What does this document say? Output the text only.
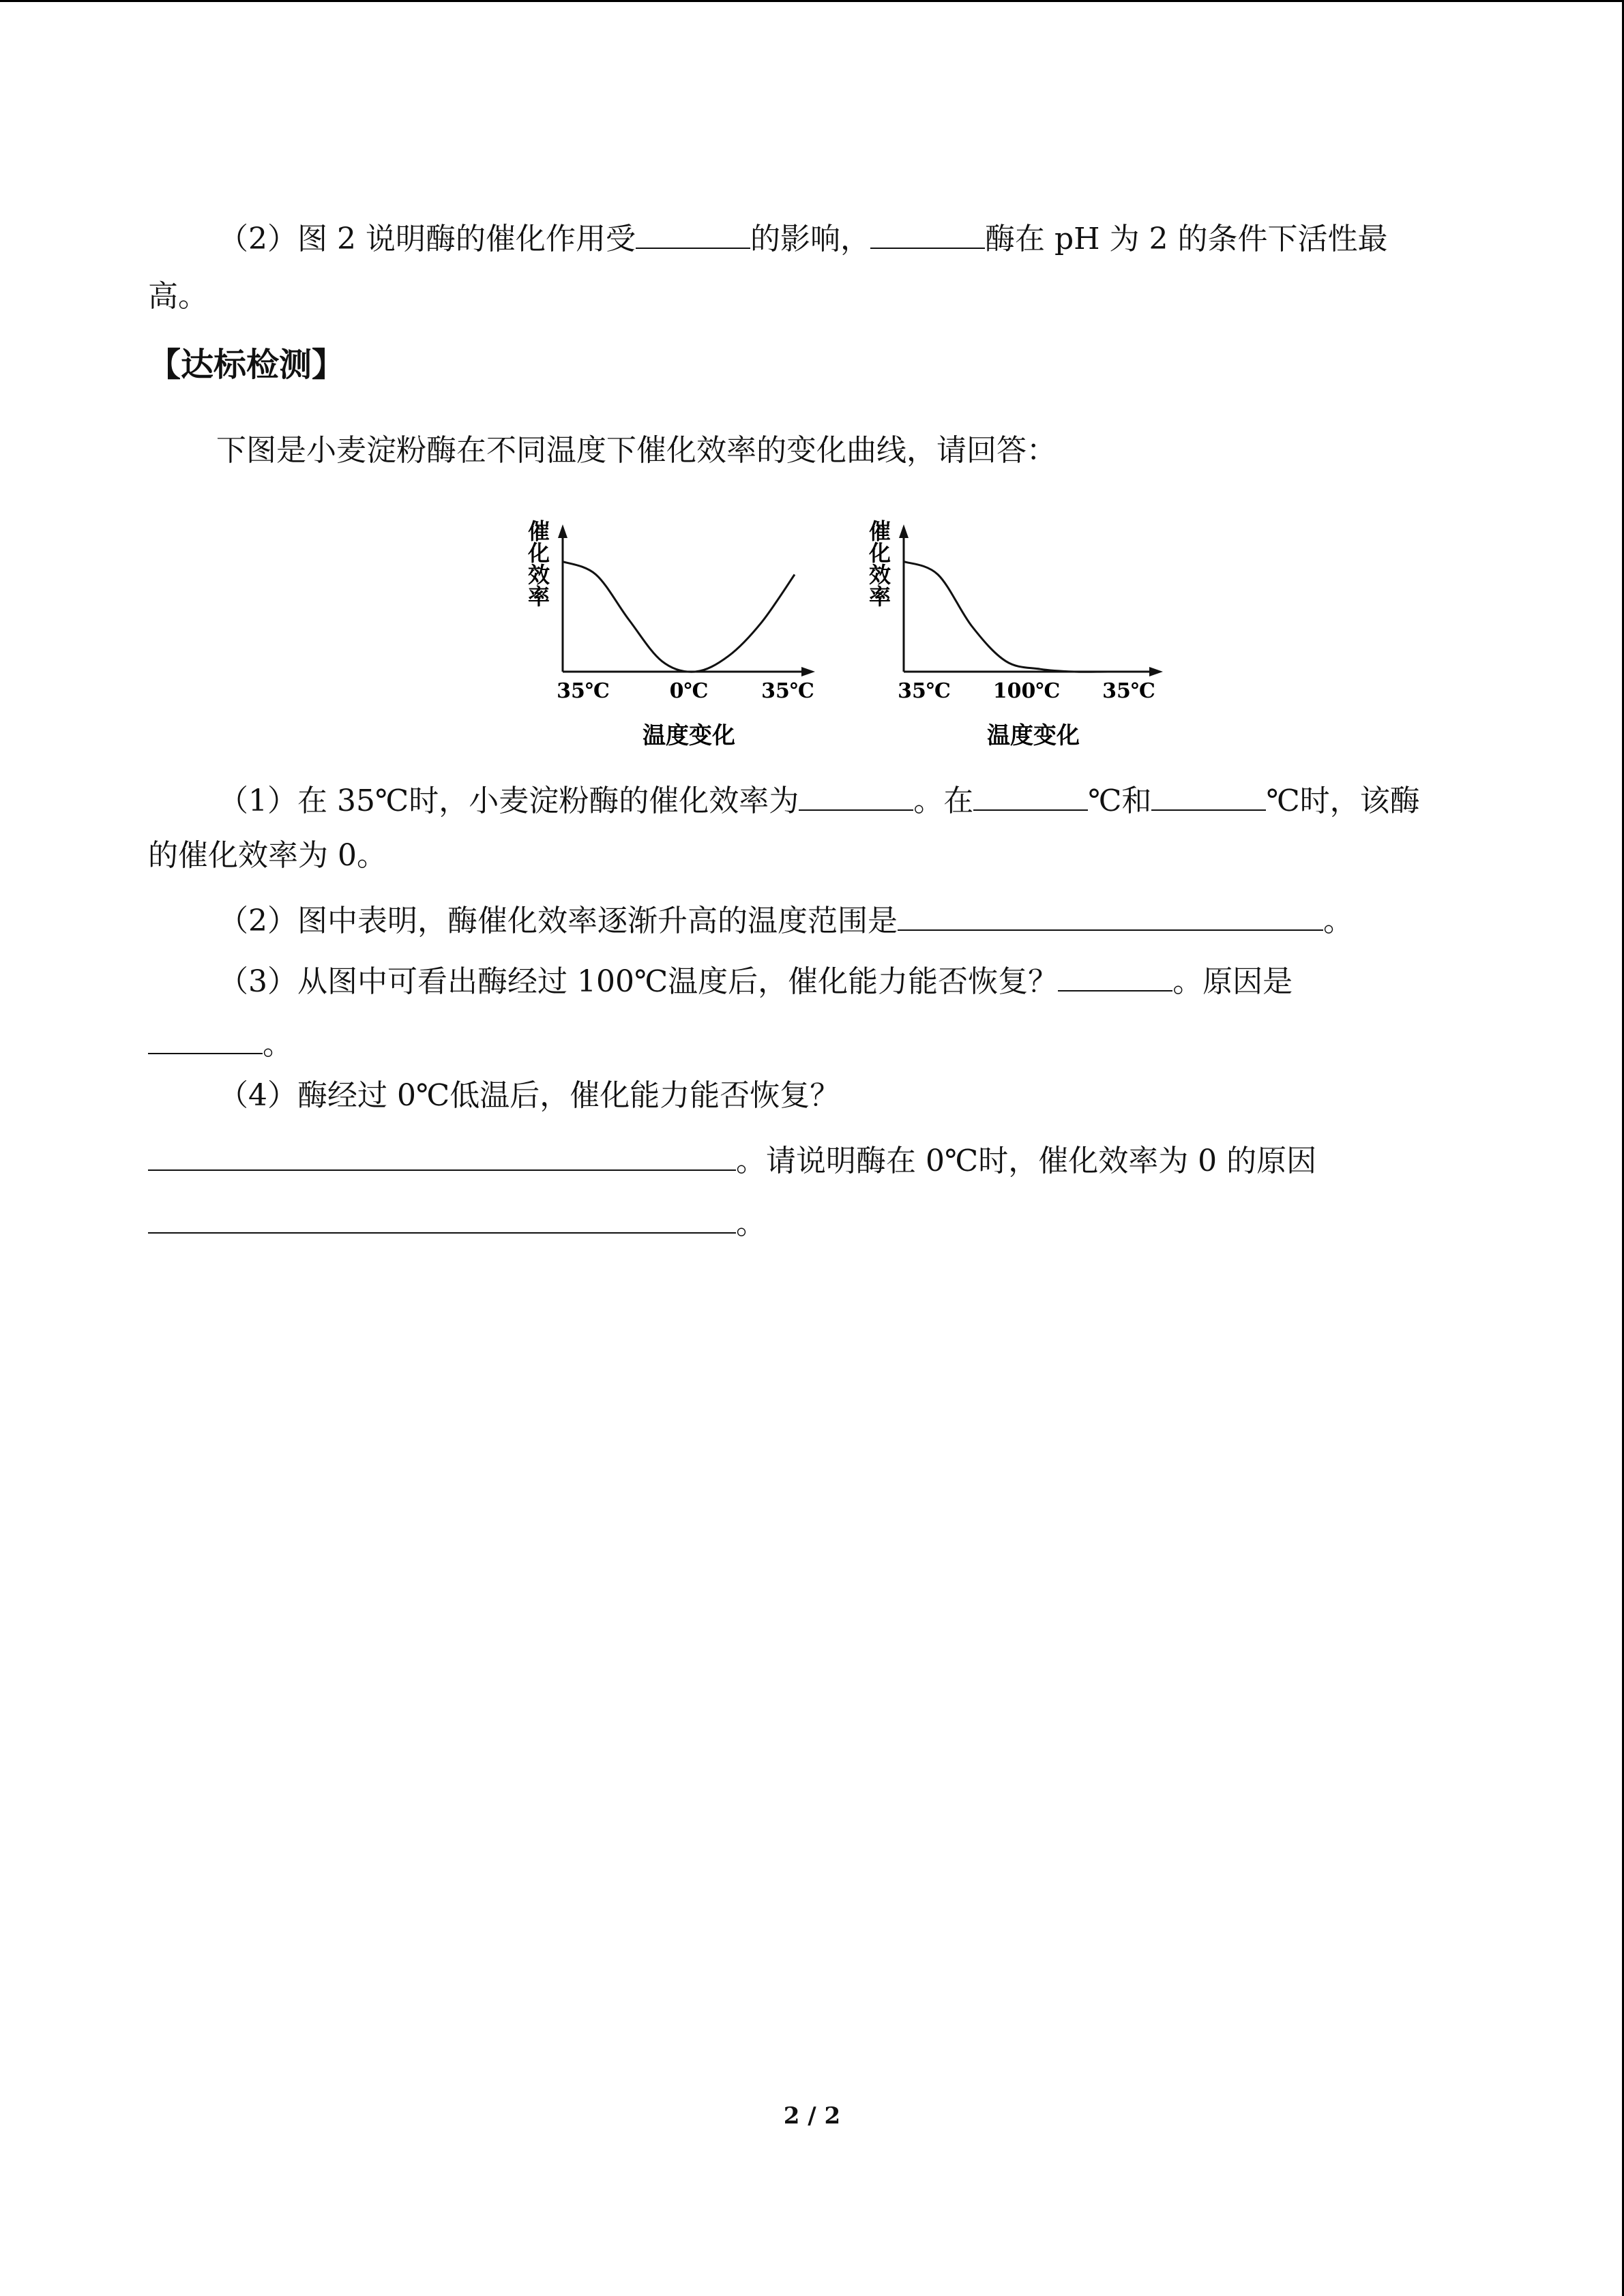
（2）图 2 说明酶的催化作用受	的影响，	酶在 pH 为 2 的条件下活性最
高。
【达标检测】
下图是小麦淀粉酶在不同温度下催化效率的变化曲线，请回答：
催
化
效
率
35℃	0℃	35℃
温度变化
催
化
效
率
35℃ 100℃ 35℃
温度变化
（1）在 35℃时，小麦淀粉酶的催化效率为	。在	℃和	℃时，该酶
的催化效率为 0。
（2）图中表明，酶催化效率逐渐升高的温度范围是	。
（3）从图中可看出酶经过 100℃温度后，催化能力能否恢复？	。原因是
。
（4）酶经过 0℃低温后，催化能力能否恢复？
。请说明酶在 0℃时，催化效率为 0 的原因
。
2 / 2
